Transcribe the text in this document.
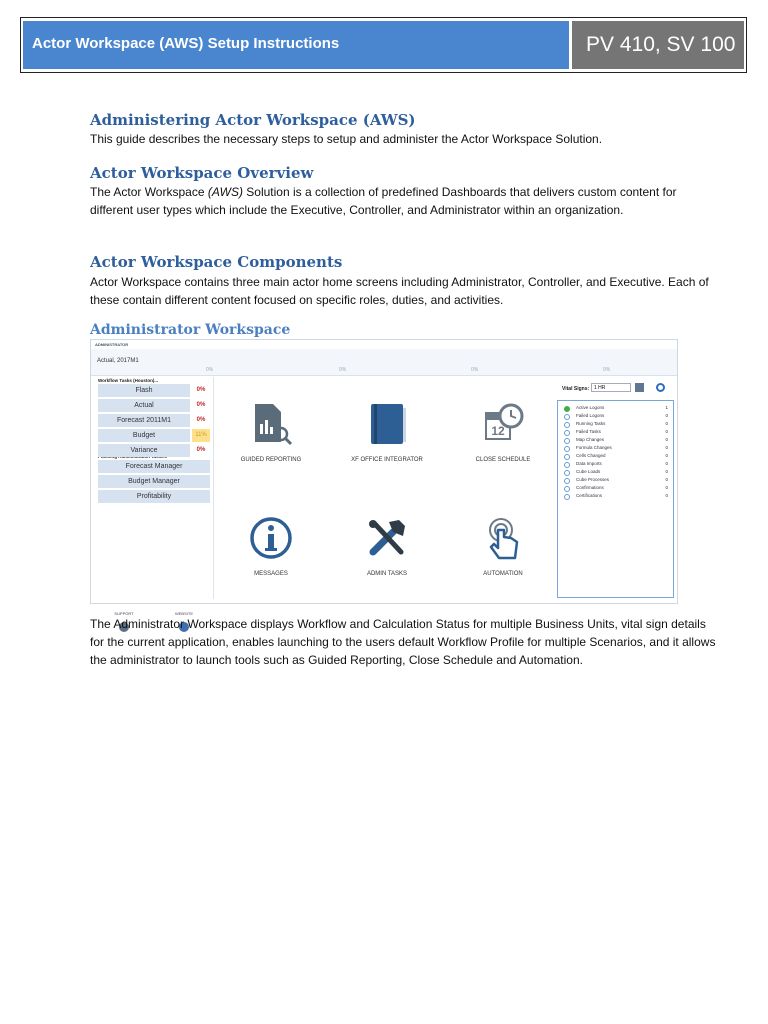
Actor Workspace (AWS) Setup Instructions	PV 410, SV 100
Administering Actor Workspace (AWS)
This guide describes the necessary steps to setup and administer the Actor Workspace Solution.
Actor Workspace Overview
The Actor Workspace (AWS) Solution is a collection of predefined Dashboards that delivers custom content for different user types which include the Executive, Controller, and Administrator within an organization.
Actor Workspace Components
Actor Workspace contains three main actor home screens including Administrator, Controller, and Executive. Each of these contain different content focused on specific roles, duties, and activities.
Administrator Workspace
ADMINISTRATOR
Actual, 2017M1
0%	0%	0%	0%
Workflow Tasks (Houston)...
Flash	0%
Actual	0%
Forecast 2011M1	0%
Budget	11%
Variance	0%
Forecast Manager
Budget Manager
Profitability
SUPPORT	WEBSITE
GUIDED REPORTING	XF OFFICE INTEGRATOR
12
CLOSE SCHEDULE
MESSAGES	ADMIN TASKS	AUTOMATION
Vital Signs: 1 HR
Active Logons	1
Failed Logons	0
Running Tasks	0
Failed Tasks	0
Map Changes	0
Formula Changes	0
Cells Changed	0
Data Imports	0
Cube Loads	0
Cube Processes	0
Confirmations	0
Certifications	0
The Administrator Workspace displays Workflow and Calculation Status for multiple Business Units, vital sign details for the current application, enables launching to the users default Workflow Profile for multiple Scenarios, and it allows the administrator to launch tools such as Guided Reporting, Close Schedule and Automation.
